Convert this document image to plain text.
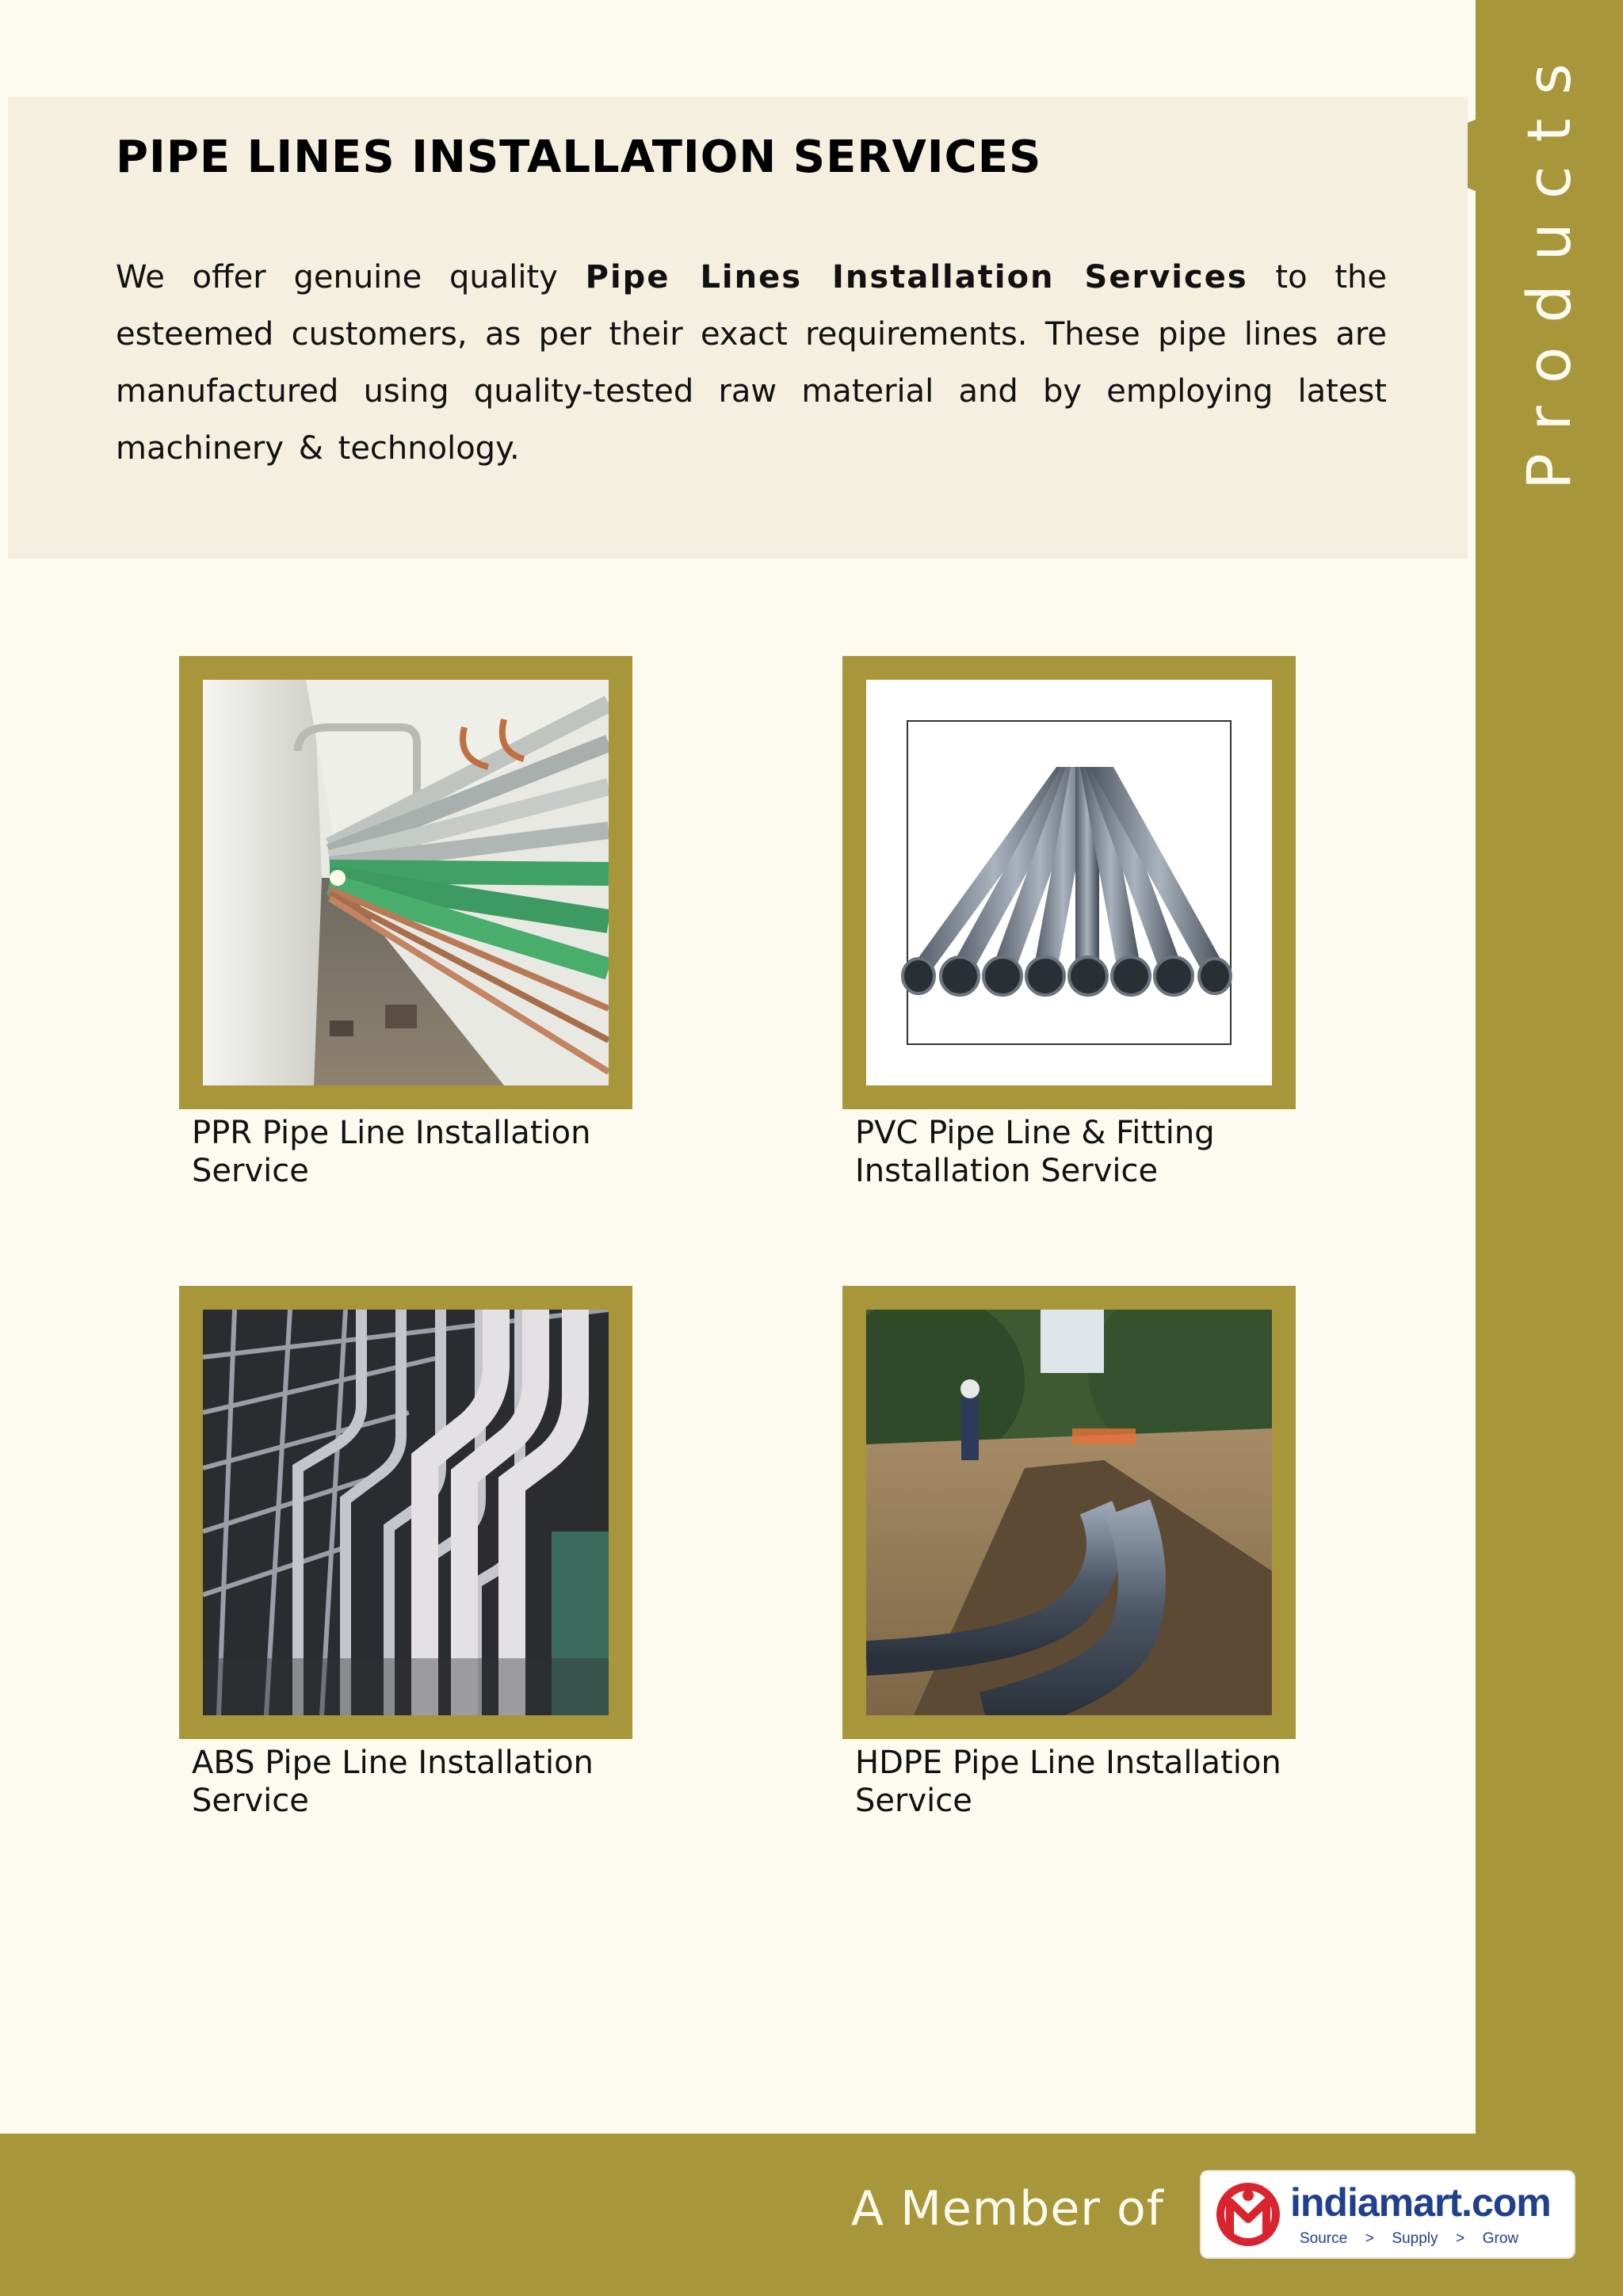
Products
PIPE LINES INSTALLATION SERVICES

We offer genuine quality Pipe Lines Installation Services to the esteemed customers, as per their exact requirements. These pipe lines are manufactured using quality-tested raw material and by employing latest machinery & technology.

PPR Pipe Line Installation Service
PVC Pipe Line & Fitting Installation Service
ABS Pipe Line Installation Service
HDPE Pipe Line Installation Service
A Member of	indiamart.com
Source  >  Supply  >  Grow
